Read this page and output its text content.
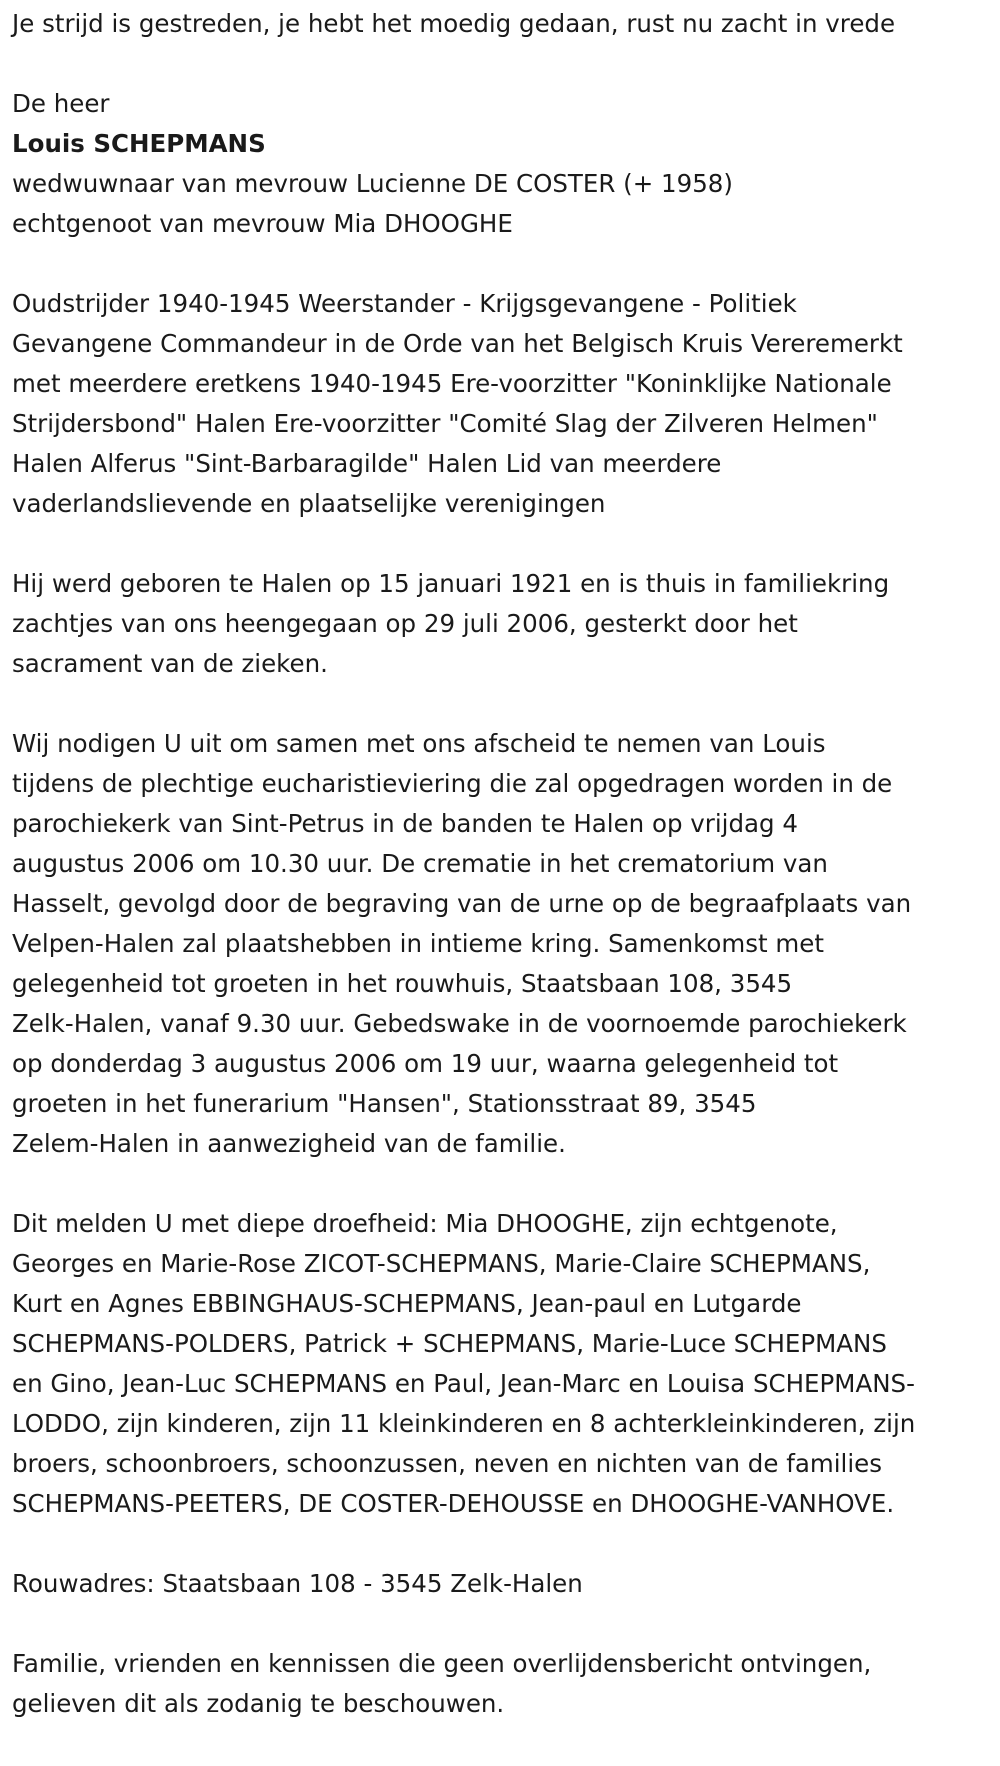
Je strijd is gestreden, je hebt het moedig gedaan, rust nu zacht in vrede

De heer

Louis SCHEPMANS

wedwuwnaar van mevrouw Lucienne DE COSTER (+ 1958)

echtgenoot van mevrouw Mia DHOOGHE

Oudstrijder 1940-1945 Weerstander - Krijgsgevangene - Politiek

Gevangene Commandeur in de Orde van het Belgisch Kruis Vereremerkt

met meerdere eretkens 1940-1945 Ere-voorzitter "Koninklijke Nationale

Strijdersbond" Halen Ere-voorzitter "Comité Slag der Zilveren Helmen"

Halen Alferus "Sint-Barbaragilde" Halen Lid van meerdere

vaderlandslievende en plaatselijke verenigingen

Hij werd geboren te Halen op 15 januari 1921 en is thuis in familiekring

zachtjes van ons heengegaan op 29 juli 2006, gesterkt door het

sacrament van de zieken.

Wij nodigen U uit om samen met ons afscheid te nemen van Louis

tijdens de plechtige eucharistieviering die zal opgedragen worden in de

parochiekerk van Sint-Petrus in de banden te Halen op vrijdag 4

augustus 2006 om 10.30 uur. De crematie in het crematorium van

Hasselt, gevolgd door de begraving van de urne op de begraafplaats van

Velpen-Halen zal plaatshebben in intieme kring. Samenkomst met

gelegenheid tot groeten in het rouwhuis, Staatsbaan 108, 3545

Zelk-Halen, vanaf 9.30 uur. Gebedswake in de voornoemde parochiekerk

op donderdag 3 augustus 2006 om 19 uur, waarna gelegenheid tot

groeten in het funerarium "Hansen", Stationsstraat 89, 3545

Zelem-Halen in aanwezigheid van de familie.

Dit melden U met diepe droefheid: Mia DHOOGHE, zijn echtgenote,

Georges en Marie-Rose ZICOT-SCHEPMANS, Marie-Claire SCHEPMANS,

Kurt en Agnes EBBINGHAUS-SCHEPMANS, Jean-paul en Lutgarde

SCHEPMANS-POLDERS, Patrick + SCHEPMANS, Marie-Luce SCHEPMANS

en Gino, Jean-Luc SCHEPMANS en Paul, Jean-Marc en Louisa SCHEPMANS-

LODDO, zijn kinderen, zijn 11 kleinkinderen en 8 achterkleinkinderen, zijn

broers, schoonbroers, schoonzussen, neven en nichten van de families

SCHEPMANS-PEETERS, DE COSTER-DEHOUSSE en DHOOGHE-VANHOVE.

Rouwadres: Staatsbaan 108 - 3545 Zelk-Halen

Familie, vrienden en kennissen die geen overlijdensbericht ontvingen,

gelieven dit als zodanig te beschouwen.
